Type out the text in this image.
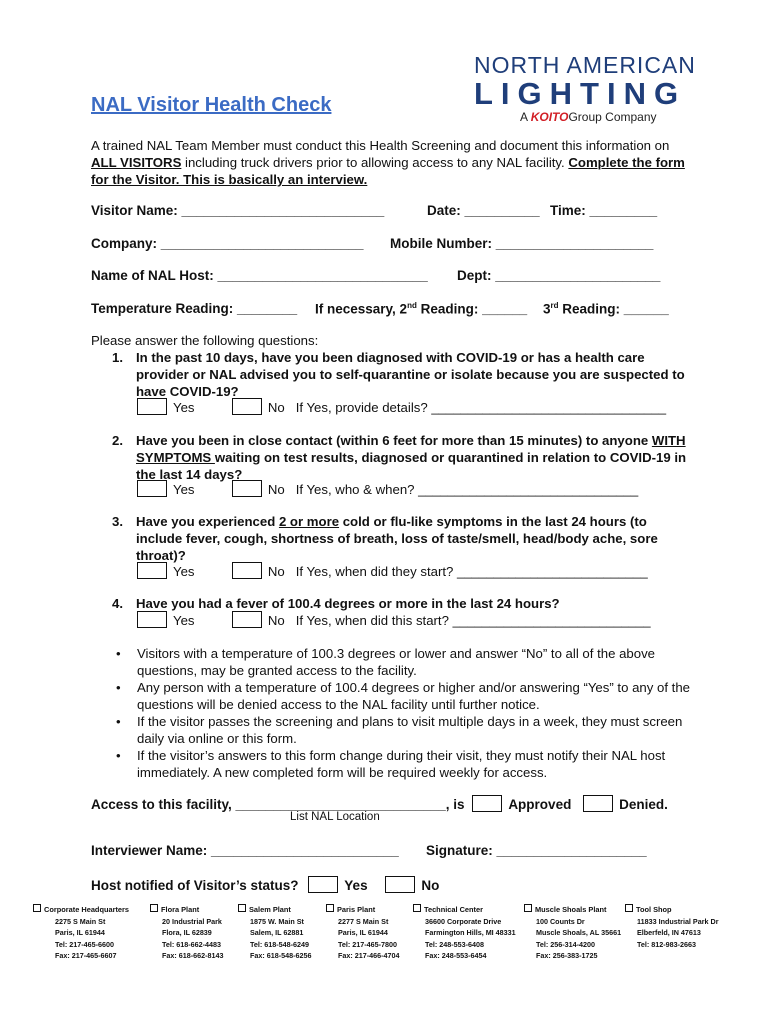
NORTH AMERICAN
LIGHTING
A KOITOGroup Company
NAL Visitor Health Check
A trained NAL Team Member must conduct this Health Screening and document this information on ALL VISITORS including truck drivers prior to allowing access to any NAL facility. Complete the form for the Visitor. This is basically an interview.
Visitor Name: ___________________________	Date: __________ Time: _________
Company: ___________________________ Mobile Number: _____________________
Name of NAL Host: ____________________________ Dept: ______________________
Temperature Reading: ________ If necessary, 2nd Reading: ______ 3rd Reading: ______
Please answer the following questions:
1. In the past 10 days, have you been diagnosed with COVID-19 or has a health care provider or NAL advised you to self-quarantine or isolate because you are suspected to have COVID-19?
Yes	No If Yes, provide details? ________________________________
2. Have you been in close contact (within 6 feet for more than 15 minutes) to anyone WITH SYMPTOMS waiting on test results, diagnosed or quarantined in relation to COVID-19 in the last 14 days?
Yes	No If Yes, who & when? ______________________________
3. Have you experienced 2 or more cold or flu-like symptoms in the last 24 hours (to include fever, cough, shortness of breath, loss of taste/smell, head/body ache, sore throat)?
Yes	No If Yes, when did they start? __________________________
4. Have you had a fever of 100.4 degrees or more in the last 24 hours?
Yes	No If Yes, when did this start? ___________________________
• Visitors with a temperature of 100.3 degrees or lower and answer “No” to all of the above questions, may be granted access to the facility.
• Any person with a temperature of 100.4 degrees or higher and/or answering “Yes” to any of the questions will be denied access to the NAL facility until further notice.
• If the visitor passes the screening and plans to visit multiple days in a week, they must screen daily via online or this form.
• If the visitor’s answers to this form change during their visit, they must notify their NAL host immediately. A new completed form will be required weekly for access.
Access to this facility, ____________________________, is	Approved	Denied.
List NAL Location
Interviewer Name: _________________________ Signature: ____________________
Host notified of Visitor’s status?	Yes	No
Corporate Headquarters
2275 S Main St
Paris, IL 61944
Tel: 217-465-6600
Fax: 217-465-6607
Flora Plant
20 Industrial Park
Flora, IL 62839
Tel: 618-662-4483
Fax: 618-662-8143
Salem Plant
1875 W. Main St
Salem, IL 62881
Tel: 618-548-6249
Fax: 618-548-6256
Paris Plant
2277 S Main St
Paris, IL 61944
Tel: 217-465-7800
Fax: 217-466-4704
Technical Center
36600 Corporate Drive
Farmington Hills, MI 48331
Tel: 248-553-6408
Fax: 248-553-6454
Muscle Shoals Plant
100 Counts Dr
Muscle Shoals, AL 35661
Tel: 256-314-4200
Fax: 256-383-1725
Tool Shop
11833 Industrial Park Dr
Elberfeld, IN 47613
Tel: 812-983-2663
